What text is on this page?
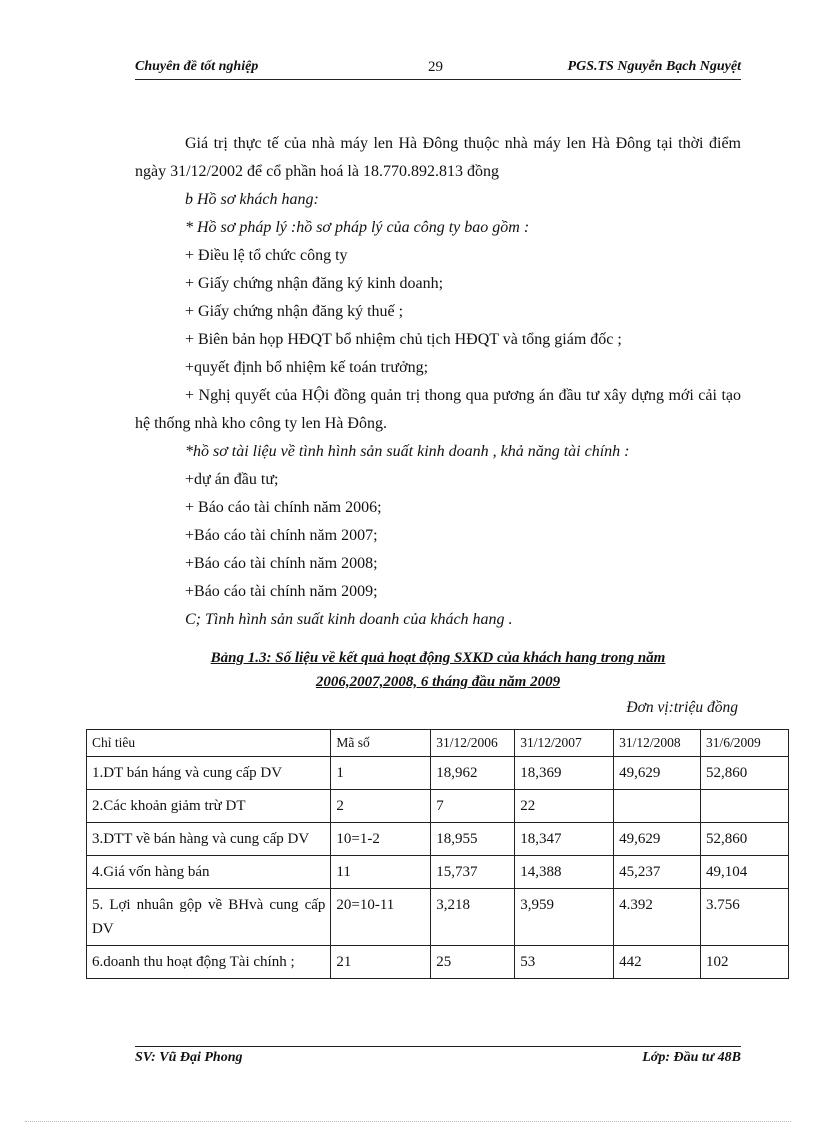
Chuyên đề tốt nghiệp	29	PGS.TS Nguyễn Bạch Nguyệt

Giá trị thực tế của nhà máy len Hà Đông thuộc nhà máy len Hà Đông tại thời điểm ngày 31/12/2002 để cổ phần hoá là 18.770.892.813 đồng

b Hồ sơ khách hang:

* Hồ sơ pháp lý :hồ sơ pháp lý của công ty bao gồm :

+ Điều lệ tổ chức công ty

+ Giấy chứng nhận đăng ký kinh doanh;

+ Giấy chứng nhận đăng ký thuế ;

+ Biên bản họp HĐQT bổ nhiệm chủ tịch HĐQT và tổng giám đốc ;

+quyết định bổ nhiệm kế toán trưởng;

+ Nghị quyết của HỘi đồng quản trị thong qua pương án đầu tư xây dựng mới cải tạo hệ thống nhà kho công ty len Hà Đông.

*hồ sơ tài liệu về tình hình sản suất kinh doanh , khả năng tài chính :

+dự án đầu tư;

+ Báo cáo tài chính năm 2006;

+Báo cáo tài chính năm 2007;

+Báo cáo tài chính năm 2008;

+Báo cáo tài chính năm 2009;

C; Tình hình sản suất kinh doanh của khách hang .

Bảng 1.3: Số liệu về kết quả hoạt động SXKD của khách hang trong năm
2006,2007,2008, 6 tháng đầu năm 2009
Đơn vị:triệu đồng
Chỉ tiêu	Mã số	31/12/2006	31/12/2007	31/12/2008	31/6/2009
1.DT bán háng và cung cấp DV	1	18,962	18,369	49,629	52,860
2.Các khoản giảm trừ DT	2	7	22		
3.DTT về bán hàng và cung cấp DV	10=1-2	18,955	18,347	49,629	52,860
4.Giá vốn hàng bán	11	15,737	14,388	45,237	49,104
5. Lợi nhuân gộp về BHvà cung cấp DV	20=10-11	3,218	3,959	4.392	3.756
6.doanh thu hoạt động Tài chính ;	21	25	53	442	102
SV: Vũ Đại Phong	Lớp: Đầu tư 48B
